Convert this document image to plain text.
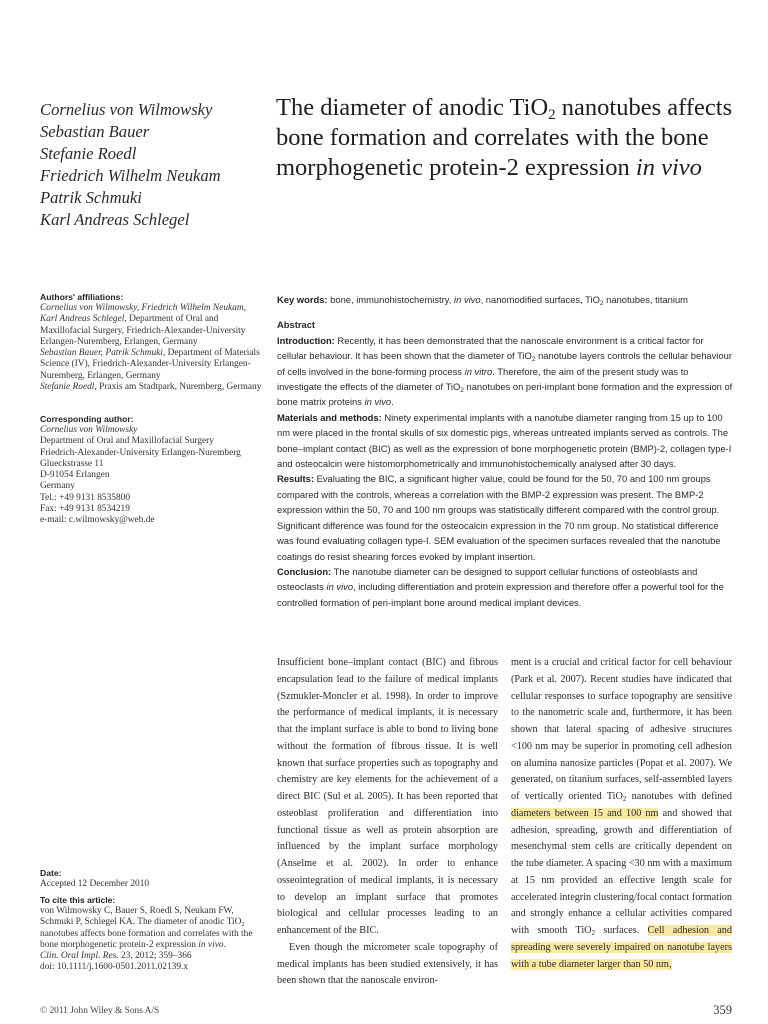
Cornelius von Wilmowsky
Sebastian Bauer
Stefanie Roedl
Friedrich Wilhelm Neukam
Patrik Schmuki
Karl Andreas Schlegel
The diameter of anodic TiO$_2$ nanotubes affects bone formation and correlates with the bone morphogenetic protein-2 expression in vivo
Authors' affiliations:
Cornelius von Wilmowsky, Friedrich Wilhelm Neukam, Karl Andreas Schlegel, Department of Oral and Maxillofacial Surgery, Friedrich-Alexander-University Erlangen-Nuremberg, Erlangen, Germany
Sebastian Bauer, Patrik Schmuki, Department of Materials Science (IV), Friedrich-Alexander-University Erlangen-Nuremberg, Erlangen, Germany
Stefanie Roedl, Praxis am Stadtpark, Nuremberg, Germany
Corresponding author:
Cornelius von Wilmowsky
Department of Oral and Maxillofacial Surgery
Friedrich-Alexander-University Erlangen-Nuremberg
Glueckstrasse 11
D-91054 Erlangen
Germany
Tel.: +49 9131 8535800
Fax: +49 9131 8534219
e-mail: c.wilmowsky@web.de
Date:
Accepted 12 December 2010
To cite this article:
von Wilmowsky C, Bauer S, Roedl S, Neukam FW, Schmuki P, Schlegel KA. The diameter of anodic TiO$_2$ nanotubes affects bone formation and correlates with the bone morphogenetic protein-2 expression in vivo.
Clin. Oral Impl. Res. 23, 2012; 359–366
doi: 10.1111/j.1600-0501.2011.02139.x
Key words: bone, immunohistochemistry, in vivo, nanomodified surfaces, TiO$_2$ nanotubes, titanium
Abstract
Introduction: Recently, it has been demonstrated that the nanoscale environment is a critical factor for cellular behaviour. It has been shown that the diameter of TiO$_2$ nanotube layers controls the cellular behaviour of cells involved in the bone-forming process in vitro. Therefore, the aim of the present study was to investigate the effects of the diameter of TiO$_2$ nanotubes on peri-implant bone formation and the expression of bone matrix proteins in vivo.
Materials and methods: Ninety experimental implants with a nanotube diameter ranging from 15 up to 100 nm were placed in the frontal skulls of six domestic pigs, whereas untreated implants served as controls. The bone–implant contact (BIC) as well as the expression of bone morphogenetic protein (BMP)-2, collagen type-I and osteocalcin were histomorphometrically and immunohistochemically analysed after 30 days.
Results: Evaluating the BIC, a significant higher value, could be found for the 50, 70 and 100 nm groups compared with the controls, whereas a correlation with the BMP-2 expression was present. The BMP-2 expression within the 50, 70 and 100 nm groups was statistically different compared with the control group. Significant difference was found for the osteocalcin expression in the 70 nm group. No statistical difference was found evaluating collagen type-I. SEM evaluation of the specimen surfaces revealed that the nanotube coatings do resist shearing forces evoked by implant insertion.
Conclusion: The nanotube diameter can be designed to support cellular functions of osteoblasts and osteoclasts in vivo, including differentiation and protein expression and therefore offer a powerful tool for the controlled formation of peri-implant bone around medical implant devices.
Insufficient bone–implant contact (BIC) and fibrous encapsulation lead to the failure of medical implants (Szmukler-Moncler et al. 1998). In order to improve the performance of medical implants, it is necessary that the implant surface is able to bond to living bone without the formation of fibrous tissue. It is well known that surface properties such as topography and chemistry are key elements for the achievement of a direct BIC (Sul et al. 2005). It has been reported that osteoblast proliferation and differentiation into functional tissue as well as protein absorption are influenced by the implant surface morphology (Anselme et al. 2002). In order to enhance osseointegration of medical implants, it is necessary to develop an implant surface that promotes biological and cellular processes leading to an enhancement of the BIC.
Even though the micrometer scale topography of medical implants has been studied extensively, it has been shown that the nanoscale environ-
ment is a crucial and critical factor for cell behaviour (Park et al. 2007). Recent studies have indicated that cellular responses to surface topography are sensitive to the nanometric scale and, furthermore, it has been shown that lateral spacing of adhesive structures <100 nm may be superior in promoting cell adhesion on alumina nanosize particles (Popat et al. 2007). We generated, on titanium surfaces, self-assembled layers of vertically oriented TiO$_2$ nanotubes with defined diameters between 15 and 100 nm and showed that adhesion, spreading, growth and differentiation of mesenchymal stem cells are critically dependent on the tube diameter. A spacing <30 nm with a maximum at 15 nm provided an effective length scale for accelerated integrin clustering/focal contact formation and strongly enhance a cellular activities compared with smooth TiO$_2$ surfaces. Cell adhesion and spreading were severely impaired on nanotube layers with a tube diameter larger than 50 nm,
© 2011 John Wiley & Sons A/S	359
